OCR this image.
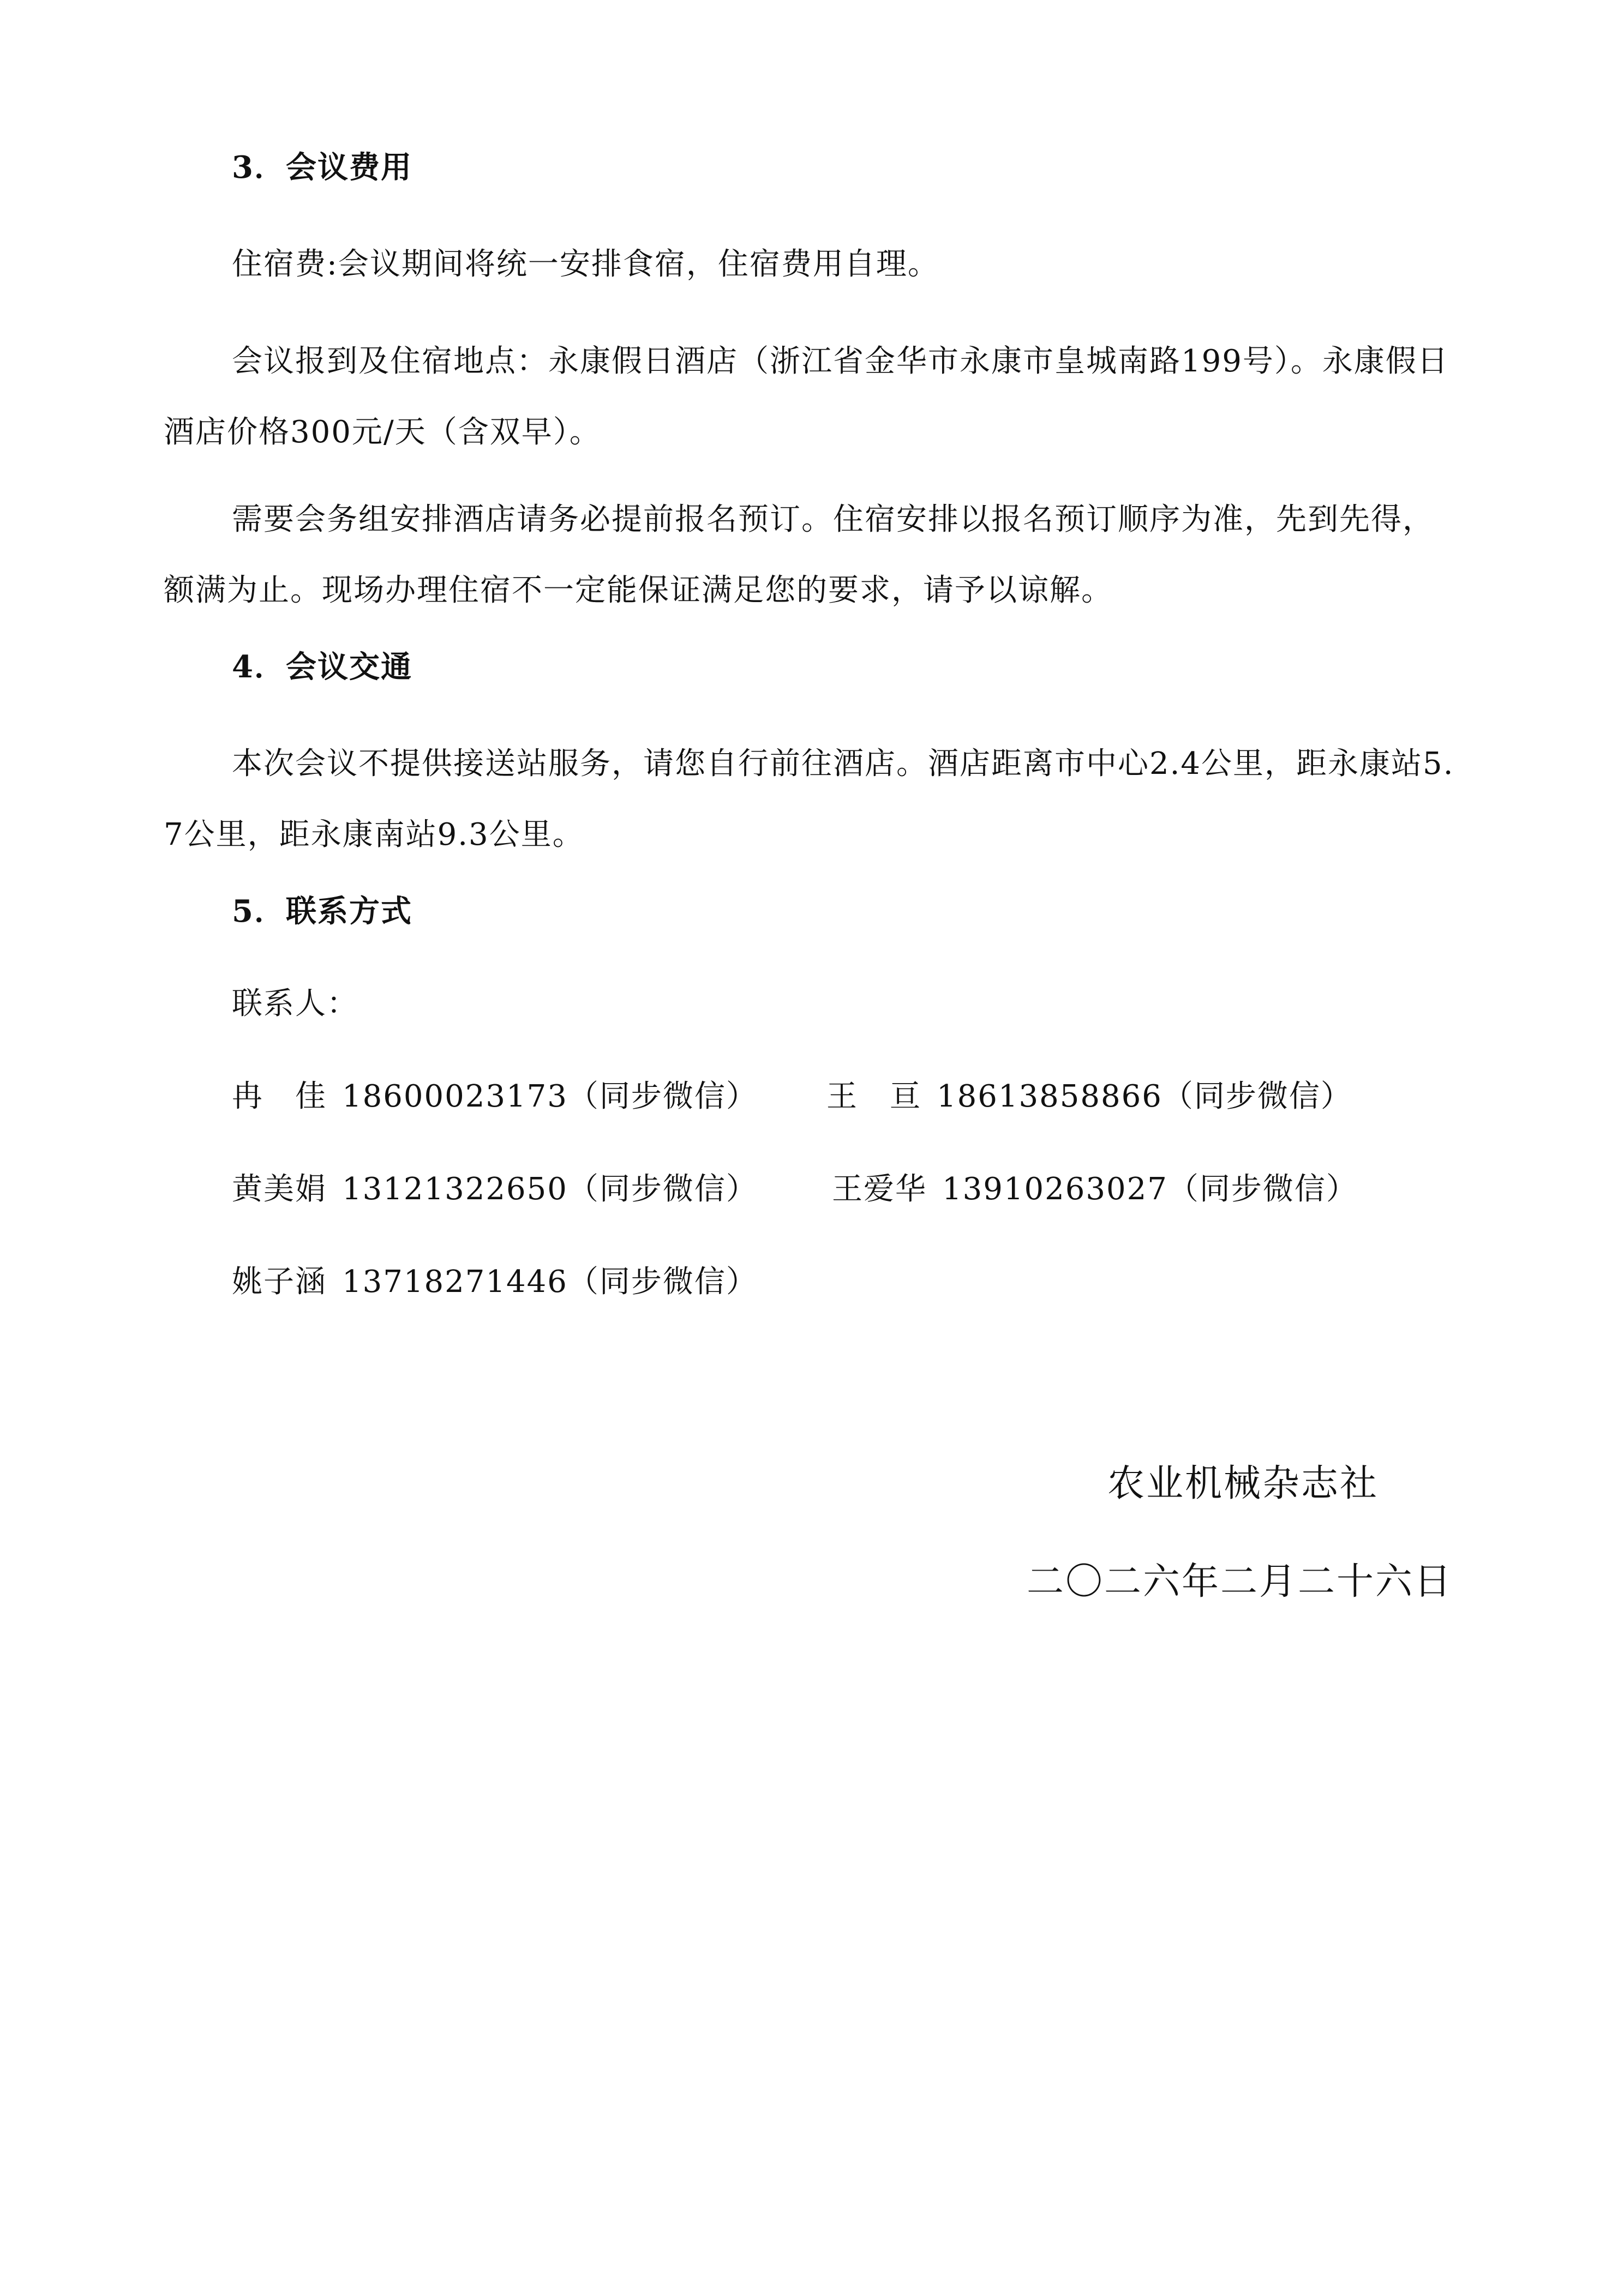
3．会议费用
住宿费:会议期间将统一安排食宿，住宿费用自理。
会议报到及住宿地点：永康假日酒店（浙江省金华市永康市皇城南路199号）。永康假日酒店价格300元/天（含双早）。
需要会务组安排酒店请务必提前报名预订。住宿安排以报名预订顺序为准，先到先得，额满为止。现场办理住宿不一定能保证满足您的要求，请予以谅解。
4．会议交通
本次会议不提供接送站服务，请您自行前往酒店。酒店距离市中心2.4公里，距永康站5.7公里，距永康南站9.3公里。
5．联系方式
联系人：
冉　佳 18600023173（同步微信） 王　亘 18613858866（同步微信）
黄美娟 13121322650（同步微信） 王爱华 13910263027（同步微信）
姚子涵 13718271446（同步微信）
农业机械杂志社
二〇二六年二月二十六日
